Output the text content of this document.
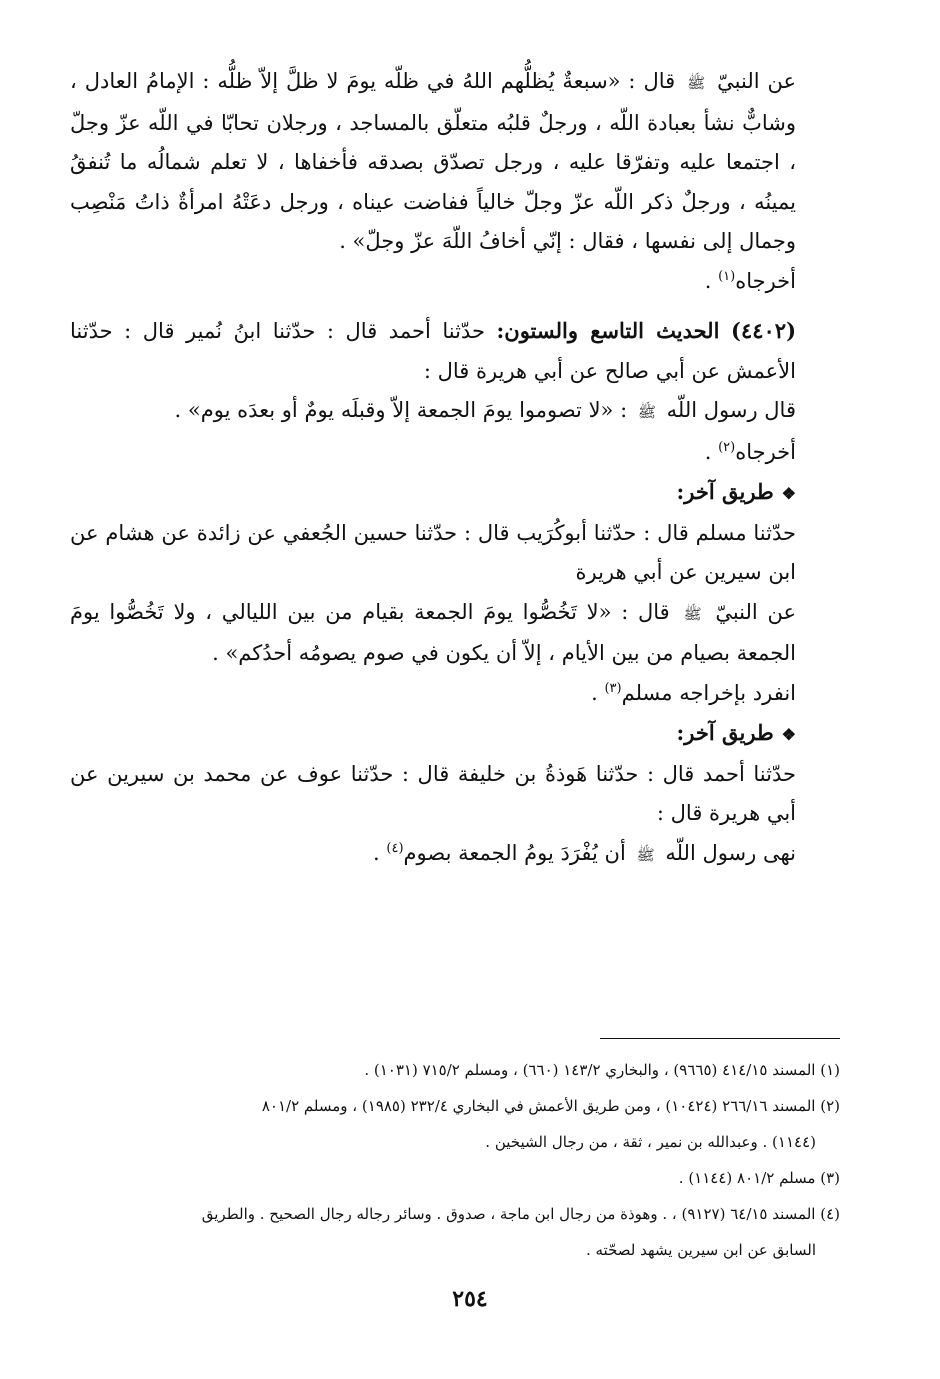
عن النبيّ ﷺ قال : «سبعةٌ يُظلُّهم اللهُ في ظلّه يومَ لا ظلَّ إلاّ ظلُّه : الإمامُ العادل ، وشابٌّ نشأ بعبادة اللّه ، ورجلٌ قلبُه متعلّق بالمساجد ، ورجلان تحابّا في اللّه عزّ وجلّ ، اجتمعا عليه وتفرّقا عليه ، ورجل تصدّق بصدقه فأخفاها ، لا تعلم شمالُه ما تُنفقُ يمينُه ، ورجلٌ ذكر اللّه عزّ وجلّ خالياً ففاضت عيناه ، ورجل دعَتْهُ امرأةٌ ذاتُ مَنْصِب وجمال إلى نفسها ، فقال : إنّي أخافُ اللّهَ عزّ وجلّ» .

أخرجاه$^{(١)}$ .

(٤٤٠٢) الحديث التاسع والستون: حدّثنا أحمد قال : حدّثنا ابنُ نُمير قال : حدّثنا الأعمش عن أبي صالح عن أبي هريرة قال :

قال رسول اللّه ﷺ : «لا تصوموا يومَ الجمعة إلاّ وقبلَه يومٌ أو بعدَه يوم» .

أخرجاه$^{(٢)}$ .

❖طريق آخر:

حدّثنا مسلم قال : حدّثنا أبوكُرَيب قال : حدّثنا حسين الجُعفي عن زائدة عن هشام عن ابن سيرين عن أبي هريرة

عن النبيّ ﷺ قال : «لا تَخُصُّوا يومَ الجمعة بقيام من بين الليالي ، ولا تَخُصُّوا يومَ الجمعة بصيام من بين الأيام ، إلاّ أن يكون في صوم يصومُه أحدُكم» .

انفرد بإخراجه مسلم$^{(٣)}$ .

❖طريق آخر:

حدّثنا أحمد قال : حدّثنا هَوذةُ بن خليفة قال : حدّثنا عوف عن محمد بن سيرين عن أبي هريرة قال :

نهى رسول اللّه ﷺ أن يُفْرَدَ يومُ الجمعة بصوم$^{(٤)}$ .

(١) المسند ٤١٤/١٥ (٩٦٦٥) ، والبخاري ١٤٣/٢ (٦٦٠) ، ومسلم ٧١٥/٢ (١٠٣١) .

(٢) المسند ٢٦٦/١٦ (١٠٤٢٤) ، ومن طريق الأعمش في البخاري ٢٣٢/٤ (١٩٨٥) ، ومسلم ٨٠١/٢

(١١٤٤) . وعبدالله بن نمير ، ثقة ، من رجال الشيخين .

(٣) مسلم ٨٠١/٢ (١١٤٤) .

(٤) المسند ٦٤/١٥ (٩١٢٧) ، . وهوذة من رجال ابن ماجة ، صدوق . وسائر رجاله رجال الصحيح . والطريق

السابق عن ابن سيرين يشهد لصحّته .

٢٥٤
